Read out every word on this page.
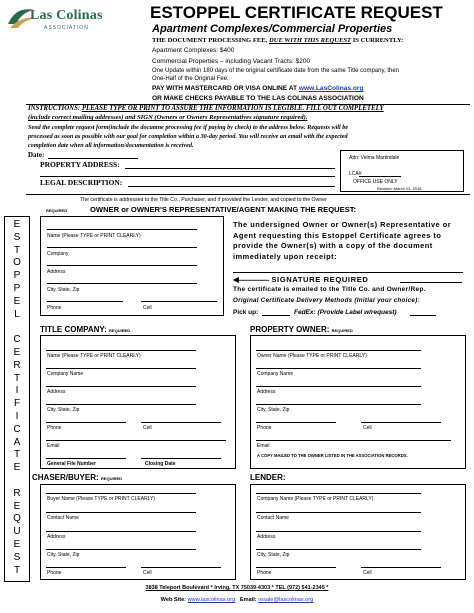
Las Colinas
ASSOCIATION
ESTOPPEL CERTIFICATE REQUEST
Apartment Complexes/Commercial Properties
THE DOCUMENT PROCESSING FEE, DUE WITH THIS REQUEST IS CURRENTLY:
Apartment Complexes: $400
Commercial Properties – including Vacant Tracts: $200
One Update within 180 days of the original certificate date from the same Title company, then
One-Half of the Original Fee.
PAY WITH MASTERCARD OR VISA ONLINE AT www.LasColinas.org
OR MAKE CHECKS PAYABLE TO THE LAS COLINAS ASSOCIATION
INSTRUCTIONS: PLEASE TYPE OR PRINT TO ASSURE THE INFORMATION IS LEGIBLE. FILL OUT COMPLETELY
(include correct mailing addresses) and SIGN (Owners or Owners Representatives signature required).
Send the complete request form(include the documne processing fee if paying by check) to the address below. Requests will be
processed as soon as possible with our goal for completion within a 30-day period. You will receive an email with the expected
completion date when all information/documentation is received.
Date:
PROPERTY ADDRESS:
LEGAL DESCRIPTION:
Attn: Velma Martindale
LCA#
OFFICE USE ONLY
Revised: March 13, 2018
The certificate is addressed to the Title Co., Purchaser, and if provided the Lender, and copied to the Owner
REQUIRED	OWNER or OWNER'S REPRESENTATIVE/AGENT MAKING THE REQUEST:
E
S
T
O
P
P
E
L
C
E
R
T
I
F
I
C
A
T
E
R
E
Q
U
E
S
T
Name (Please TYPE or PRINT CLEARLY)
Company
Address
City, State, Zip
Phone	Cell
The undersigned Owner or Owner(s) Representative or Agent requesting this Estoppel Certificate agrees to provide the Owner(s) with a copy of the document immediately upon receipt:
◀⎯⎯⎯⎯⎯⎯⎯⎯ SIGNATURE REQUIRED
The certificate is emailed to the Title Co. and Owner/Rep.
Original Certificate Delivery Methods (Initial your choice):
Pick up:	FedEx: (Provide Label w/request)
TITLE COMPANY: REQUIRED
Name (Please TYPE or PRINT CLEARLY)
Company Name
Address
City, State, Zip
Phone	Cell
Email
General File Number	Closing Date
PROPERTY OWNER: REQUIRED
Owner Name (Please TYPE or PRINT CLEARLY)
Company Name
Address
City, State, Zip
Phone	Cell
Email
A COPY MAILED TO THE OWNER LISTED IN THE ASSOCIATION RECORDS.
CHASER/BUYER: REQUIRED
Buyer Name (Please TYPE or PRINT CLEARLY)
Contact Name
Address
City, State, Zip
Phone	Cell
LENDER:
Company Name (Please TYPE or PRINT CLEARLY)
Contact Name
Address
City, State, Zip
Phone	Cell
3838 Teleport Boulevard * Irving, TX 75039-4303 * TEL (972) 541-2345 *
Web Site: www.lascolinas.org Email: resale@lascolinas.org
